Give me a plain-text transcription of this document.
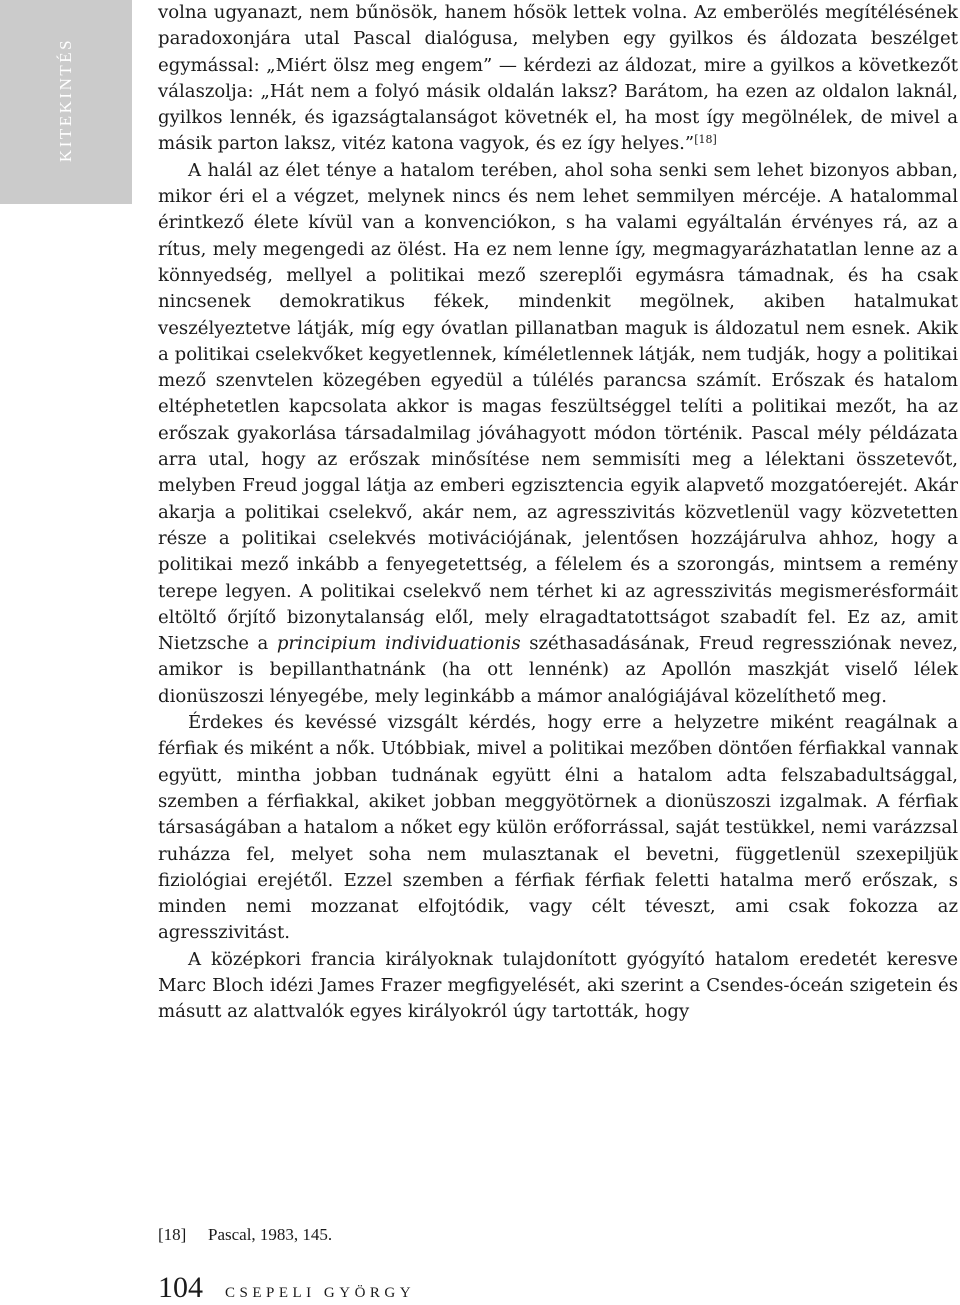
KITEKINTÉS

volna ugyanazt, nem bűnösök, hanem hősök lettek volna. Az emberölés megítélésének paradoxonjára utal Pascal dialógusa, melyben egy gyilkos és áldozata beszélget egymással: „Miért ölsz meg engem” — kérdezi az áldozat, mire a gyilkos a következőt válaszolja: „Hát nem a folyó másik oldalán laksz? Barátom, ha ezen az oldalon laknál, gyilkos lennék, és igazságtalanságot követnék el, ha most így megölnélek, de mivel a másik parton laksz, vitéz katona vagyok, és ez így helyes.”[18]

A halál az élet ténye a hatalom terében, ahol soha senki sem lehet bizonyos abban, mikor éri el a végzet, melynek nincs és nem lehet semmilyen mércéje. A hatalommal érintkező élete kívül van a konvenciókon, s ha valami egyáltalán érvényes rá, az a rítus, mely megengedi az ölést. Ha ez nem lenne így, megmagyarázhatatlan lenne az a könnyedség, mellyel a politikai mező szereplői egymásra támadnak, és ha csak nincsenek demokratikus fékek, mindenkit megölnek, akiben hatalmukat veszélyeztetve látják, míg egy óvatlan pillanatban maguk is áldozatul nem esnek. Akik a politikai cselekvőket kegyetlennek, kíméletlennek látják, nem tudják, hogy a politikai mező szenvtelen közegében egyedül a túlélés parancsa számít. Erőszak és hatalom eltéphetetlen kapcsolata akkor is magas feszültséggel telíti a politikai mezőt, ha az erőszak gyakorlása társadalmilag jóváhagyott módon történik. Pascal mély példázata arra utal, hogy az erőszak minősítése nem semmisíti meg a lélektani összetevőt, melyben Freud joggal látja az emberi egzisztencia egyik alapvető mozgatóerejét. Akár akarja a politikai cselekvő, akár nem, az agresszivitás közvetlenül vagy közvetetten része a politikai cselekvés motivációjának, jelentősen hozzájárulva ahhoz, hogy a politikai mező inkább a fenyegetettség, a félelem és a szorongás, mintsem a remény terepe legyen. A politikai cselekvő nem térhet ki az agresszivitás megismerésformáit eltöltő őrjítő bizonytalanság elől, mely elragadtatottságot szabadít fel. Ez az, amit Nietzsche a principium individuationis széthasadásának, Freud regressziónak nevez, amikor is bepillanthatnánk (ha ott lennénk) az Apollón maszkját viselő lélek dionüszoszi lényegébe, mely leginkább a mámor analógiájával közelíthető meg.

Érdekes és kevéssé vizsgált kérdés, hogy erre a helyzetre miként reagálnak a férfiak és miként a nők. Utóbbiak, mivel a politikai mezőben döntően férfiakkal vannak együtt, mintha jobban tudnának együtt élni a hatalom adta felszabadultsággal, szemben a férfiakkal, akiket jobban meggyötörnek a dionüszoszi izgalmak. A férfiak társaságában a hatalom a nőket egy külön erőforrással, saját testükkel, nemi varázzsal ruházza fel, melyet soha nem mulasztanak el bevetni, függetlenül szexepiljük fiziológiai erejétől. Ezzel szemben a férfiak férfiak feletti hatalma merő erőszak, s minden nemi mozzanat elfojtódik, vagy célt téveszt, ami csak fokozza az agresszivitást.

A középkori francia királyoknak tulajdonított gyógyító hatalom eredetét keresve Marc Bloch idézi James Frazer megfigyelését, aki szerint a Csendes-óceán szigetein és másutt az alattvalók egyes királyokról úgy tartották, hogy

[18] Pascal, 1983, 145.
104 CSEPELI GYÖRGY
